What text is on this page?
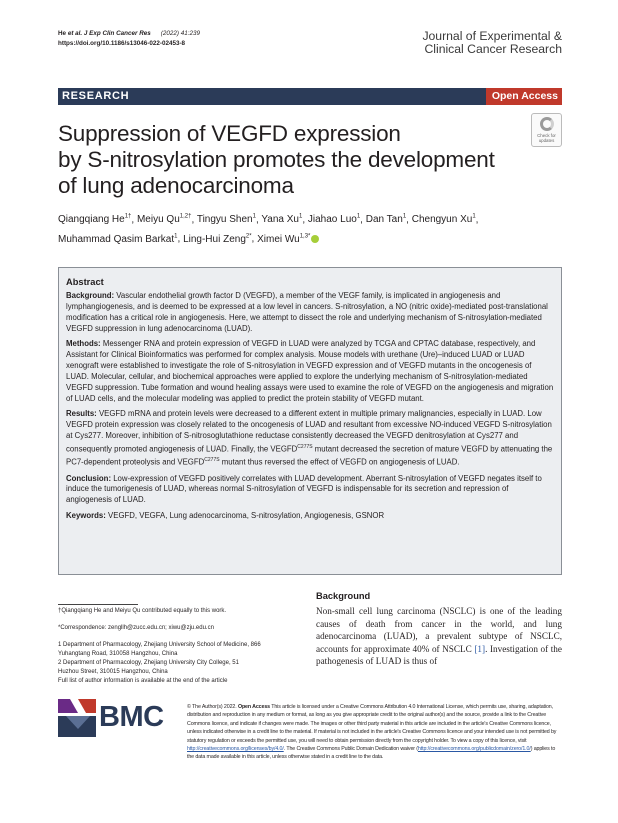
He et al. J Exp Clin Cancer Res (2022) 41:239
https://doi.org/10.1186/s13046-022-02453-8
Journal of Experimental &
Clinical Cancer Research
RESEARCH	Open Access
Suppression of VEGFD expression
by S-nitrosylation promotes the development
of lung adenocarcinoma
Check for
updates
Qiangqiang $He^{1\dagger}$, Meiyu $Qu^{1,2\dagger}$, Tingyu Shen$^1$, Yana Xu$^1$, Jiahao Luo$^1$, Dan Tan$^1$, Chengyun Xu$^1$,
Muhammad Qasim Barkat$^1$, Ling-Hui Zeng$^{2*}$, Ximei $Wu^{1,3*}$
Abstract

Background: Vascular endothelial growth factor D (VEGFD), a member of the VEGF family, is implicated in angiogenesis and lymphangiogenesis, and is deemed to be expressed at a low level in cancers. S-nitrosylation, a NO (nitric oxide)-mediated post-translational modification has a critical role in angiogenesis. Here, we attempt to dissect the role and underlying mechanism of S-nitrosylation-mediated VEGFD suppression in lung adenocarcinoma (LUAD).

Methods: Messenger RNA and protein expression of VEGFD in LUAD were analyzed by TCGA and CPTAC database, respectively, and Assistant for Clinical Bioinformatics was performed for complex analysis. Mouse models with urethane (Ure)–induced LUAD or LUAD xenograft were established to investigate the role of S-nitrosylation in VEGFD expression and of VEGFD mutants in the oncogenesis of LUAD. Molecular, cellular, and biochemical approaches were applied to explore the underlying mechanism of S-nitrosylation-mediated VEGFD suppression. Tube formation and wound healing assays were used to examine the role of VEGFD on the angiogenesis and migration of LUAD cells, and the molecular modeling was applied to predict the protein stability of VEGFD mutant.

Results: VEGFD mRNA and protein levels were decreased to a different extent in multiple primary malignancies, especially in LUAD. Low VEGFD protein expression was closely related to the oncogenesis of LUAD and resultant from excessive NO-induced VEGFD S-nitrosylation at Cys277. Moreover, inhibition of S-nitrosoglutathione reductase consistently decreased the VEGFD denitrosylation at Cys277 and consequently promoted angiogenesis of LUAD. Finally, the $VEGFD^{C277S}$ mutant decreased the secretion of mature VEGFD by attenuating the PC7-dependent proteolysis and $VEGFD^{C277S}$ mutant thus reversed the effect of VEGFD on angiogenesis of LUAD.

Conclusion: Low-expression of VEGFD positively correlates with LUAD development. Aberrant S-nitrosylation of VEGFD negates itself to induce the tumorigenesis of LUAD, whereas normal S-nitrosylation of VEGFD is indispensable for its secretion and repression of angiogenesis of LUAD.

Keywords: VEGFD, VEGFA, Lung adenocarcinoma, S-nitrosylation, Angiogenesis, GSNOR

†Qiangqiang He and Meiyu Qu contributed equally to this work.
*Correspondence: zengllh@zucc.edu.cn; xiwu@zju.edu.cn
1 Department of Pharmacology, Zhejiang University School of Medicine, 866
Yuhangtang Road, 310058 Hangzhou, China
2 Department of Pharmacology, Zhejiang University City College, 51
Huzhou Street, 310015 Hangzhou, China
Full list of author information is available at the end of the article
Background
Non-small cell lung carcinoma (NSCLC) is one of the leading causes of death from cancer in the world, and lung adenocarcinoma (LUAD), a prevalent subtype of NSCLC, accounts for approximate 40% of NSCLC [1]. Investigation of the pathogenesis of LUAD is thus of
BMC	© The Author(s) 2022. Open Access This article is licensed under a Creative Commons Attribution 4.0 International License, which permits use, sharing, adaptation, distribution and reproduction in any medium or format, as long as you give appropriate credit to the original author(s) and the source, provide a link to the Creative Commons licence, and indicate if changes were made. The images or other third party material in this article are included in the article's Creative Commons licence, unless indicated otherwise in a credit line to the material. If material is not included in the article's Creative Commons licence and your intended use is not permitted by statutory regulation or exceeds the permitted use, you will need to obtain permission directly from the copyright holder. To view a copy of this licence, visit http://creativecommons.org/licenses/by/4.0/. The Creative Commons Public Domain Dedication waiver (http://creativecommons.org/publicdomain/zero/1.0/) applies to the data made available in this article, unless otherwise stated in a credit line to the data.
